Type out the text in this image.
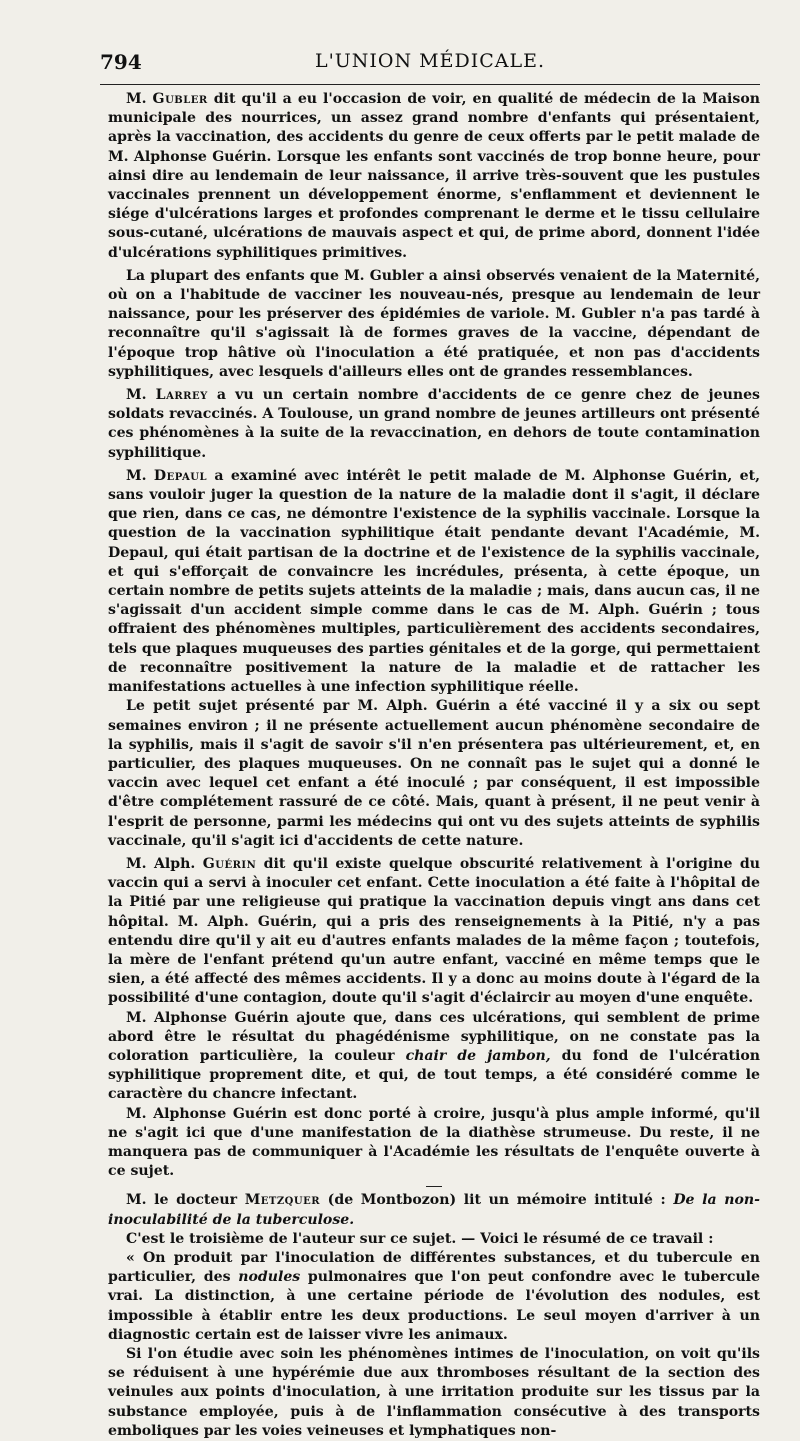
794	L'UNION MÉDICALE.

M. Gubler dit qu'il a eu l'occasion de voir, en qualité de médecin de la Maison municipale des nourrices, un assez grand nombre d'enfants qui présentaient, après la vaccination, des accidents du genre de ceux offerts par le petit malade de M. Alphonse Guérin. Lorsque les enfants sont vaccinés de trop bonne heure, pour ainsi dire au lendemain de leur naissance, il arrive très-souvent que les pustules vaccinales prennent un développement énorme, s'enflamment et deviennent le siége d'ulcérations larges et profondes comprenant le derme et le tissu cellulaire sous-cutané, ulcérations de mauvais aspect et qui, de prime abord, donnent l'idée d'ulcérations syphilitiques primitives.

La plupart des enfants que M. Gubler a ainsi observés venaient de la Maternité, où on a l'habitude de vacciner les nouveau-nés, presque au lendemain de leur naissance, pour les préserver des épidémies de variole. M. Gubler n'a pas tardé à reconnaître qu'il s'agissait là de formes graves de la vaccine, dépendant de l'époque trop hâtive où l'inoculation a été pratiquée, et non pas d'accidents syphilitiques, avec lesquels d'ailleurs elles ont de grandes ressemblances.

M. Larrey a vu un certain nombre d'accidents de ce genre chez de jeunes soldats revaccinés. A Toulouse, un grand nombre de jeunes artilleurs ont présenté ces phénomènes à la suite de la revaccination, en dehors de toute contamination syphilitique.

M. Depaul a examiné avec intérêt le petit malade de M. Alphonse Guérin, et, sans vouloir juger la question de la nature de la maladie dont il s'agit, il déclare que rien, dans ce cas, ne démontre l'existence de la syphilis vaccinale. Lorsque la question de la vaccination syphilitique était pendante devant l'Académie, M. Depaul, qui était partisan de la doctrine et de l'existence de la syphilis vaccinale, et qui s'efforçait de convaincre les incrédules, présenta, à cette époque, un certain nombre de petits sujets atteints de la maladie ; mais, dans aucun cas, il ne s'agissait d'un accident simple comme dans le cas de M. Alph. Guérin ; tous offraient des phénomènes multiples, particulièrement des accidents secondaires, tels que plaques muqueuses des parties génitales et de la gorge, qui permettaient de reconnaître positivement la nature de la maladie et de rattacher les manifestations actuelles à une infection syphilitique réelle.

Le petit sujet présenté par M. Alph. Guérin a été vacciné il y a six ou sept semaines environ ; il ne présente actuellement aucun phénomène secondaire de la syphilis, mais il s'agit de savoir s'il n'en présentera pas ultérieurement, et, en particulier, des plaques muqueuses. On ne connaît pas le sujet qui a donné le vaccin avec lequel cet enfant a été inoculé ; par conséquent, il est impossible d'être complétement rassuré de ce côté. Mais, quant à présent, il ne peut venir à l'esprit de personne, parmi les médecins qui ont vu des sujets atteints de syphilis vaccinale, qu'il s'agit ici d'accidents de cette nature.

M. Alph. Guérin dit qu'il existe quelque obscurité relativement à l'origine du vaccin qui a servi à inoculer cet enfant. Cette inoculation a été faite à l'hôpital de la Pitié par une religieuse qui pratique la vaccination depuis vingt ans dans cet hôpital. M. Alph. Guérin, qui a pris des renseignements à la Pitié, n'y a pas entendu dire qu'il y ait eu d'autres enfants malades de la même façon ; toutefois, la mère de l'enfant prétend qu'un autre enfant, vacciné en même temps que le sien, a été affecté des mêmes accidents. Il y a donc au moins doute à l'égard de la possibilité d'une contagion, doute qu'il s'agit d'éclaircir au moyen d'une enquête.

M. Alphonse Guérin ajoute que, dans ces ulcérations, qui semblent de prime abord être le résultat du phagédénisme syphilitique, on ne constate pas la coloration particulière, la couleur chair de jambon, du fond de l'ulcération syphilitique proprement dite, et qui, de tout temps, a été considéré comme le caractère du chancre infectant.

M. Alphonse Guérin est donc porté à croire, jusqu'à plus ample informé, qu'il ne s'agit ici que d'une manifestation de la diathèse strumeuse. Du reste, il ne manquera pas de communiquer à l'Académie les résultats de l'enquête ouverte à ce sujet.

M. le docteur Metzquer (de Montbozon) lit un mémoire intitulé : De la non-inoculabilité de la tuberculose.

C'est le troisième de l'auteur sur ce sujet. — Voici le résumé de ce travail :

« On produit par l'inoculation de différentes substances, et du tubercule en particulier, des nodules pulmonaires que l'on peut confondre avec le tubercule vrai. La distinction, à une certaine période de l'évolution des nodules, est impossible à établir entre les deux productions. Le seul moyen d'arriver à un diagnostic certain est de laisser vivre les animaux.

Si l'on étudie avec soin les phénomènes intimes de l'inoculation, on voit qu'ils se réduisent à une hypérémie due aux thromboses résultant de la section des veinules aux points d'inoculation, à une irritation produite sur les tissus par la substance employée, puis à de l'inflammation consécutive à des transports emboliques par les voies veineuses et lymphatiques non-
